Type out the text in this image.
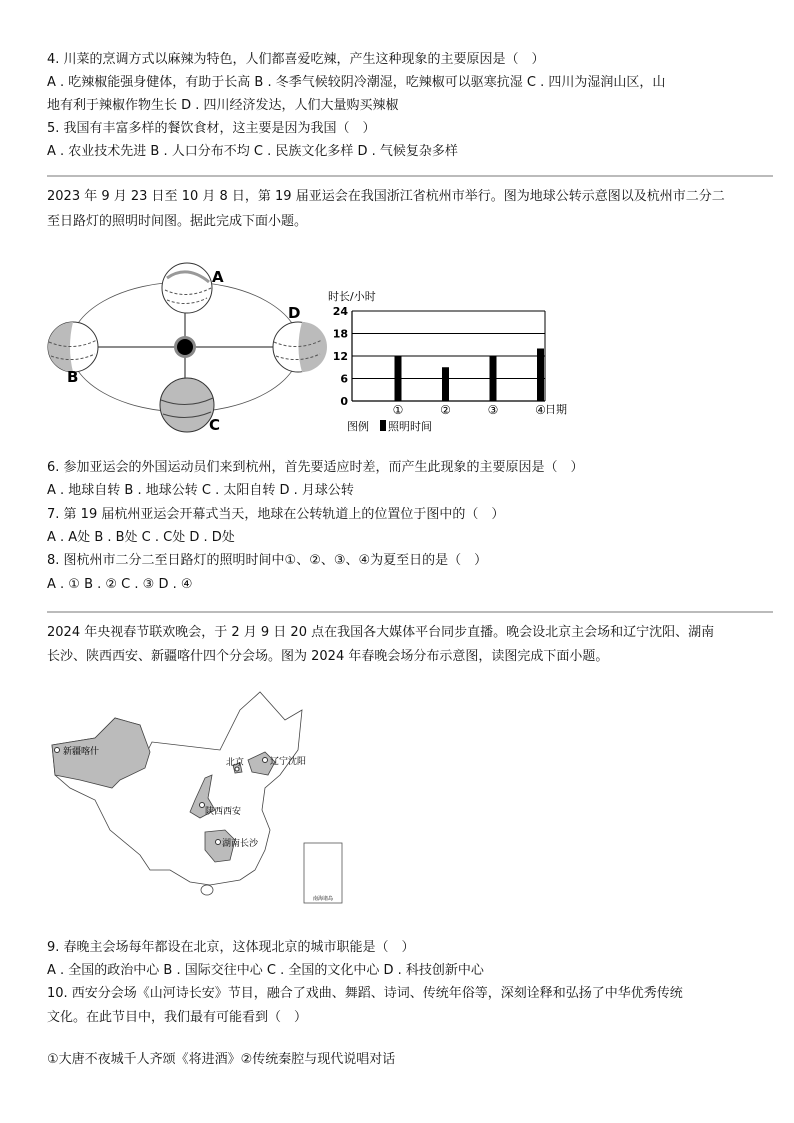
4. 川菜的烹调方式以麻辣为特色，人们都喜爱吃辣，产生这种现象的主要原因是（　）
A . 吃辣椒能强身健体，有助于长高 B . 冬季气候较阴冷潮湿，吃辣椒可以驱寒抗湿 C . 四川为湿润山区，山
地有利于辣椒作物生长 D . 四川经济发达，人们大量购买辣椒
5. 我国有丰富多样的餐饮食材，这主要是因为我国（　）
A . 农业技术先进 B . 人口分布不均 C . 民族文化多样 D . 气候复杂多样
2023 年 9 月 23 日至 10 月 8 日，第 19 届亚运会在我国浙江省杭州市举行。图为地球公转示意图以及杭州市二分二
至日路灯的照明时间图。据此完成下面小题。
A
B
C
D
时长/小时
日期
图例 照明时间
0
6
12
18
24
①	②	③	④
6. 参加亚运会的外国运动员们来到杭州，首先要适应时差，而产生此现象的主要原因是（　）
A . 地球自转 B . 地球公转 C . 太阳自转 D . 月球公转
7. 第 19 届杭州亚运会开幕式当天，地球在公转轨道上的位置位于图中的（　）
A . A处 B . B处 C . C处 D . D处
8. 图杭州市二分二至日路灯的照明时间中①、②、③、④为夏至日的是（　）
A . ① B . ② C . ③ D . ④
2024 年央视春节联欢晚会，于 2 月 9 日 20 点在我国各大媒体平台同步直播。晚会设北京主会场和辽宁沈阳、湖南
长沙、陕西西安、新疆喀什四个分会场。图为 2024 年春晚会场分布示意图，读图完成下面小题。
新疆喀什
北京	辽宁沈阳
陕西西安
湖南长沙
南海诸岛
9. 春晚主会场每年都设在北京，这体现北京的城市职能是（　）
A . 全国的政治中心 B . 国际交往中心 C . 全国的文化中心 D . 科技创新中心
10. 西安分会场《山河诗长安》节目，融合了戏曲、舞蹈、诗词、传统年俗等，深刻诠释和弘扬了中华优秀传统
文化。在此节目中，我们最有可能看到（　）
①大唐不夜城千人齐颂《将进酒》②传统秦腔与现代说唱对话
